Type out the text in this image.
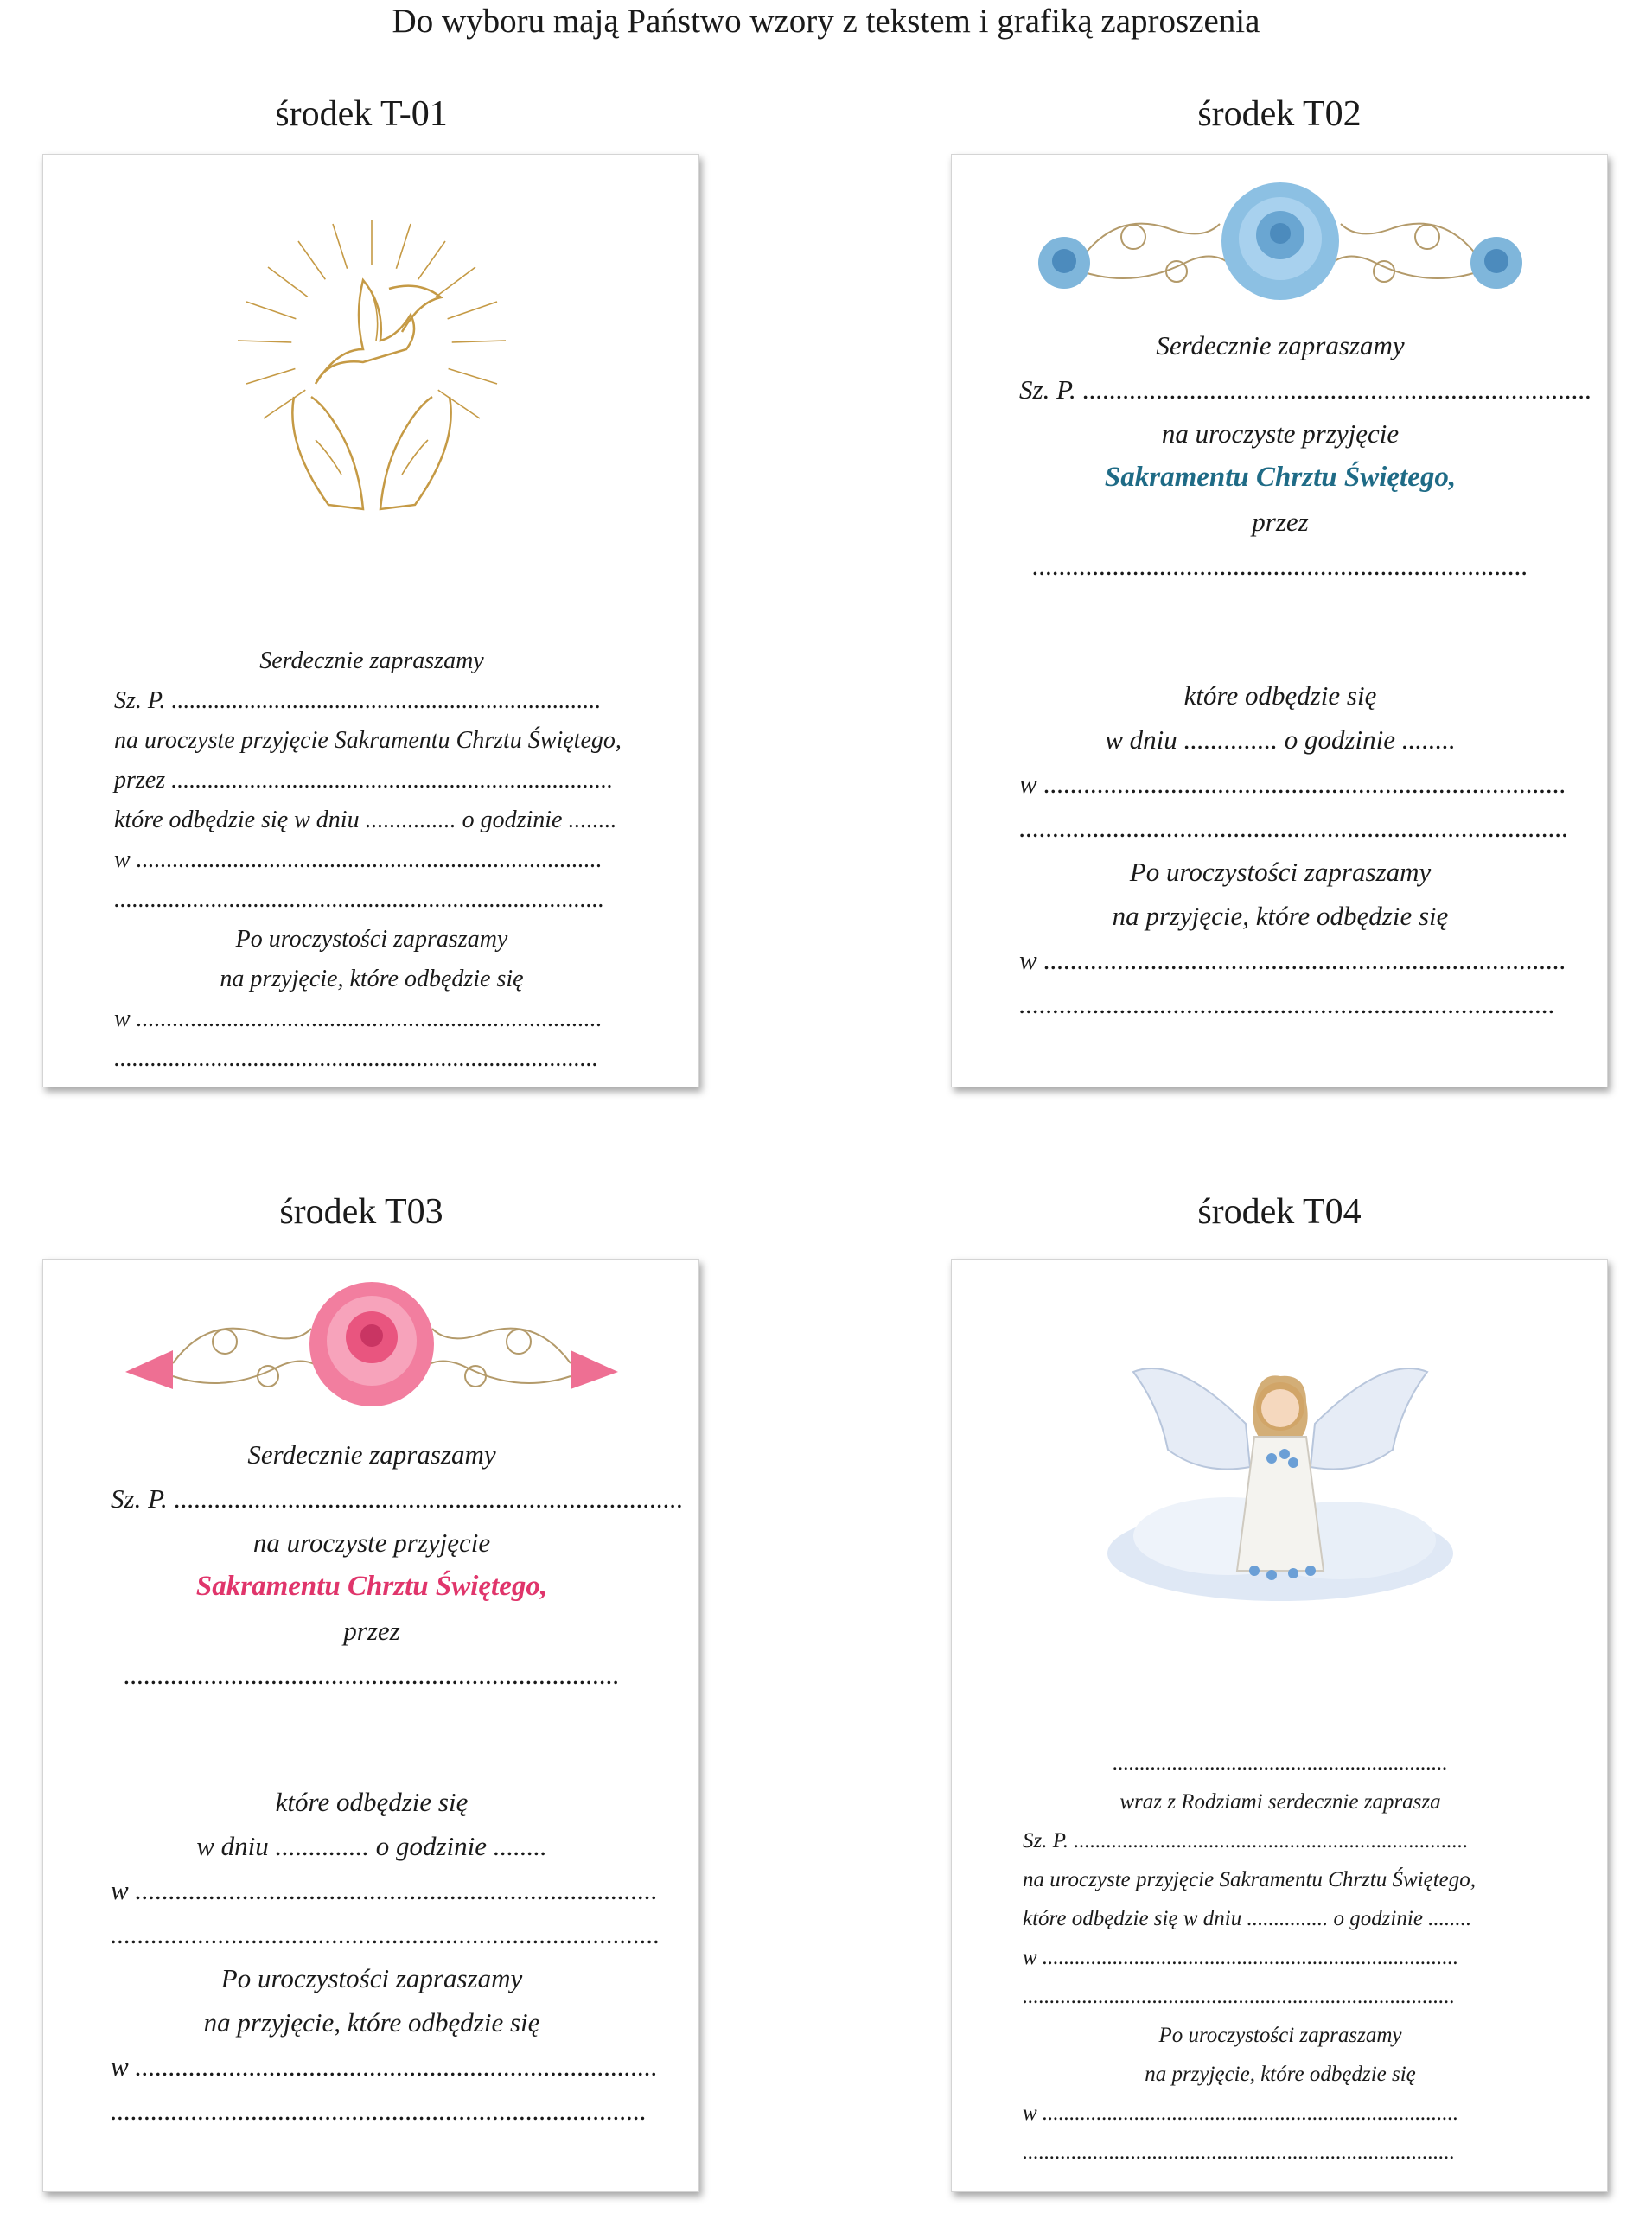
Do wyboru mają Państwo wzory z tekstem i grafiką zaproszenia
środek T-01	środek T02
środek T03	środek T04
Serdecznie zapraszamy
Sz. P. .......................................................................
na uroczyste przyjęcie Sakramentu Chrztu Świętego,
przez .........................................................................
które odbędzie się w dniu ............... o godzinie ........
w .............................................................................
.................................................................................
Po uroczystości zapraszamy
na przyjęcie, które odbędzie się
w .............................................................................
................................................................................
Serdecznie zapraszamy
Sz. P. ............................................................................
na uroczyste przyjęcie
Sakramentu Chrztu Świętego,
przez
..........................................................................
które odbędzie się
w dniu .............. o godzinie ........
w ..............................................................................
..................................................................................
Po uroczystości zapraszamy
na przyjęcie, które odbędzie się
w ..............................................................................
................................................................................
Serdecznie zapraszamy
Sz. P. ............................................................................
na uroczyste przyjęcie
Sakramentu Chrztu Świętego,
przez
..........................................................................
które odbędzie się
w dniu .............. o godzinie ........
w ..............................................................................
..................................................................................
Po uroczystości zapraszamy
na przyjęcie, które odbędzie się
w ..............................................................................
................................................................................
..............................................................
wraz z Rodziami serdecznie zaprasza
Sz. P. .........................................................................
na uroczyste przyjęcie Sakramentu Chrztu Świętego,
które odbędzie się w dniu ............... o godzinie ........
w .............................................................................
................................................................................
Po uroczystości zapraszamy
na przyjęcie, które odbędzie się
w .............................................................................
................................................................................
